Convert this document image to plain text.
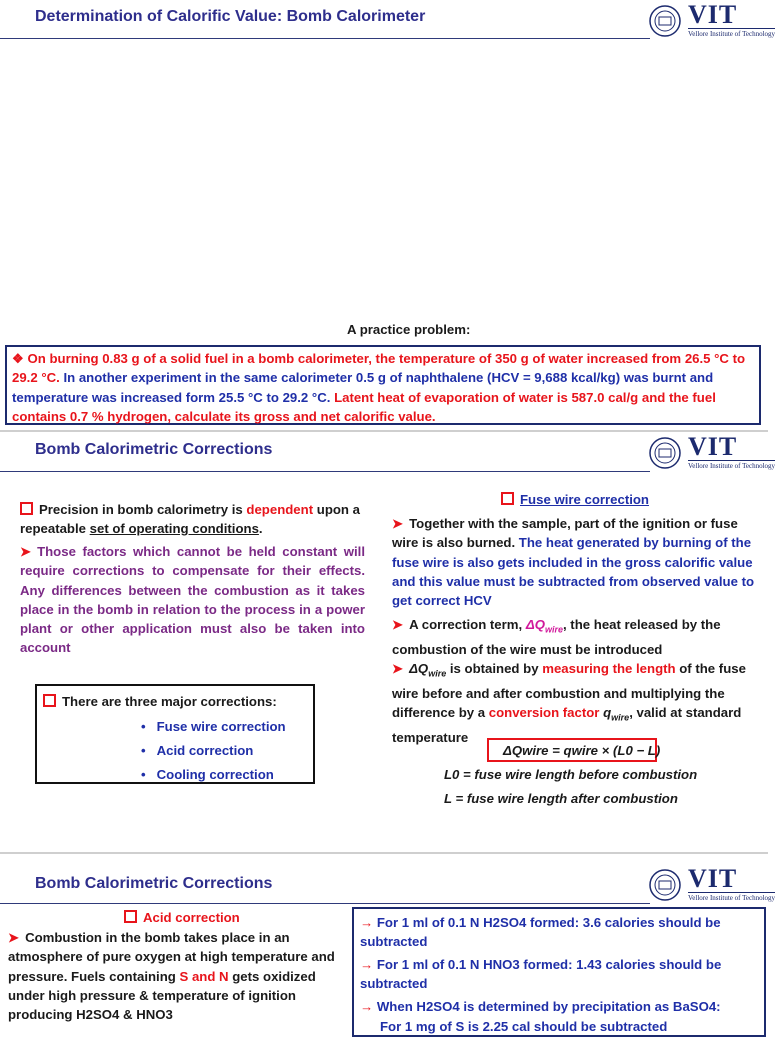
Determination of Calorific Value: Bomb Calorimeter	VIT
Vellore Institute of Technology
A practice problem:
❖ On burning 0.83 g of a solid fuel in a bomb calorimeter, the temperature of 350 g of water increased from 26.5 °C to 29.2 °C. In another experiment in the same calorimeter 0.5 g of naphthalene (HCV = 9,688 kcal/kg) was burnt and temperature was increased form 25.5 °C to 29.2 °C. Latent heat of evaporation of water is 587.0 cal/g and the fuel contains 0.7 % hydrogen, calculate its gross and net calorific value.
Bomb Calorimetric Corrections	VIT
Vellore Institute of Technology
Precision in bomb calorimetry is dependent upon a repeatable set of operating conditions.
➤ Those factors which cannot be held constant will require corrections to compensate for their effects. Any differences between the combustion as it takes place in the bomb in relation to the process in a power plant or other application must also be taken into account
There are three major corrections:
•   Fuse wire correction
•   Acid correction
•   Cooling correction
Fuse wire correction
➤ Together with the sample, part of the ignition or fuse wire is also burned. The heat generated by burning of the fuse wire is also gets included in the gross calorific value and this value must be subtracted from observed value to get correct HCV
➤ A correction term, $\Delta Q_{wire}$, the heat released by the combustion of the wire must be introduced
➤ $\Delta Q_{wire}$ is obtained by measuring the length of the fuse wire before and after combustion and multiplying the difference by a conversion factor $q_{wire}$, valid at standard temperature
ΔQwire = qwire × (L0 − L)
L0 = fuse wire length before combustion
L = fuse wire length after combustion
Bomb Calorimetric Corrections	VIT
Vellore Institute of Technology
Acid correction
➤ Combustion in the bomb takes place in an atmosphere of pure oxygen at high temperature and pressure. Fuels containing S and N gets oxidized under high pressure & temperature of ignition producing H2SO4 & HNO3
→ For 1 ml of 0.1 N H2SO4 formed: 3.6 calories should be subtracted
→ For 1 ml of 0.1 N HNO3 formed: 1.43 calories should be subtracted
→ When H2SO4 is determined by precipitation as BaSO4:
For 1 mg of S is 2.25 cal should be subtracted
